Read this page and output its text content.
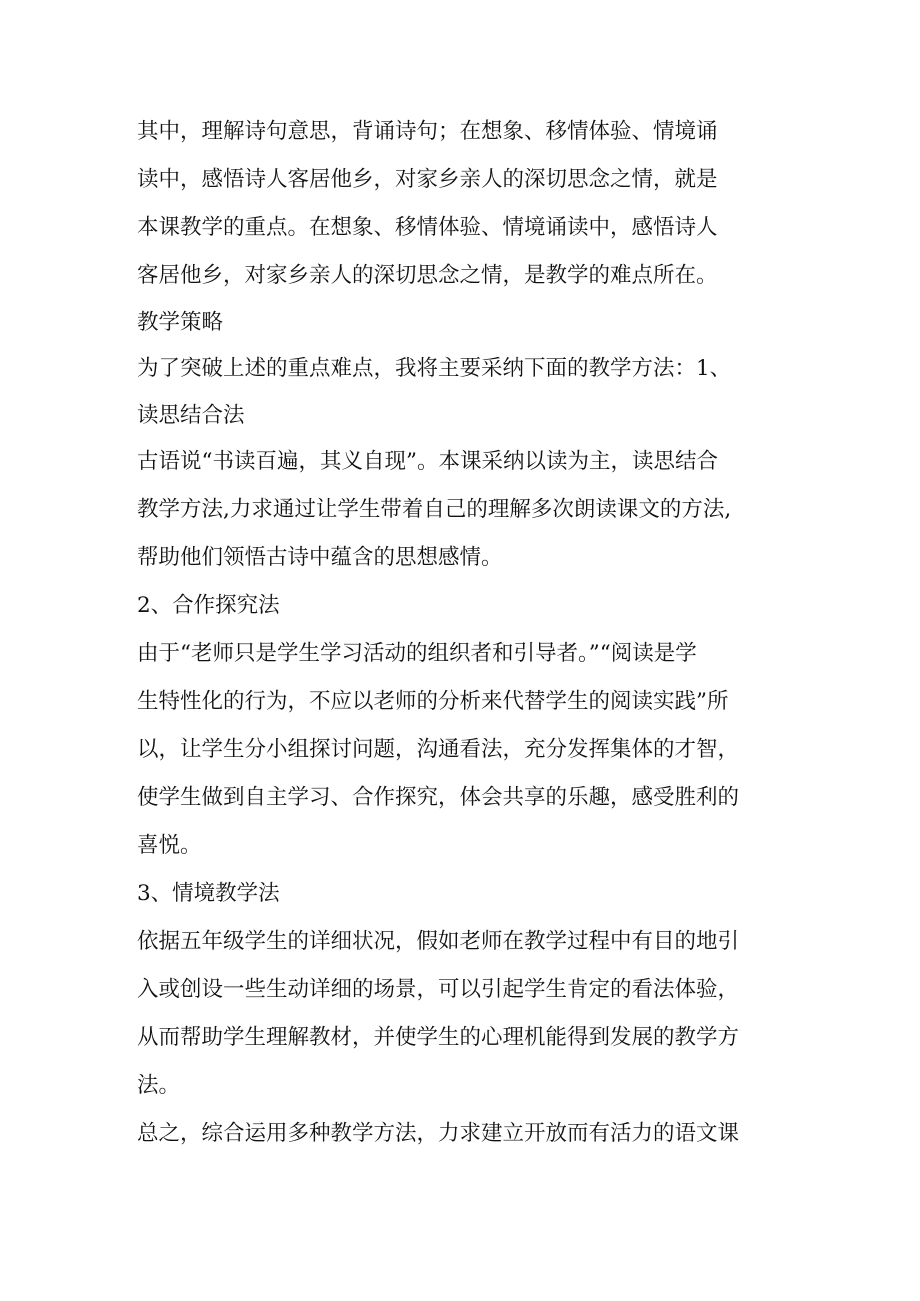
其中，理解诗句意思，背诵诗句；在想象、移情体验、情境诵
读中，感悟诗人客居他乡，对家乡亲人的深切思念之情，就是
本课教学的重点。在想象、移情体验、情境诵读中，感悟诗人
客居他乡，对家乡亲人的深切思念之情，是教学的难点所在。
教学策略
为了突破上述的重点难点，我将主要采纳下面的教学方法：1、
读思结合法
古语说“书读百遍，其义自现”。本课采纳以读为主，读思结合
教学方法,力求通过让学生带着自己的理解多次朗读课文的方法,
帮助他们领悟古诗中蕴含的思想感情。
2、合作探究法
由于“老师只是学生学习活动的组织者和引导者。”“阅读是学
生特性化的行为，不应以老师的分析来代替学生的阅读实践”所
以，让学生分小组探讨问题，沟通看法，充分发挥集体的才智，
使学生做到自主学习、合作探究，体会共享的乐趣，感受胜利的
喜悦。
3、情境教学法
依据五年级学生的详细状况，假如老师在教学过程中有目的地引
入或创设一些生动详细的场景，可以引起学生肯定的看法体验，
从而帮助学生理解教材，并使学生的心理机能得到发展的教学方
法。
总之，综合运用多种教学方法，力求建立开放而有活力的语文课
